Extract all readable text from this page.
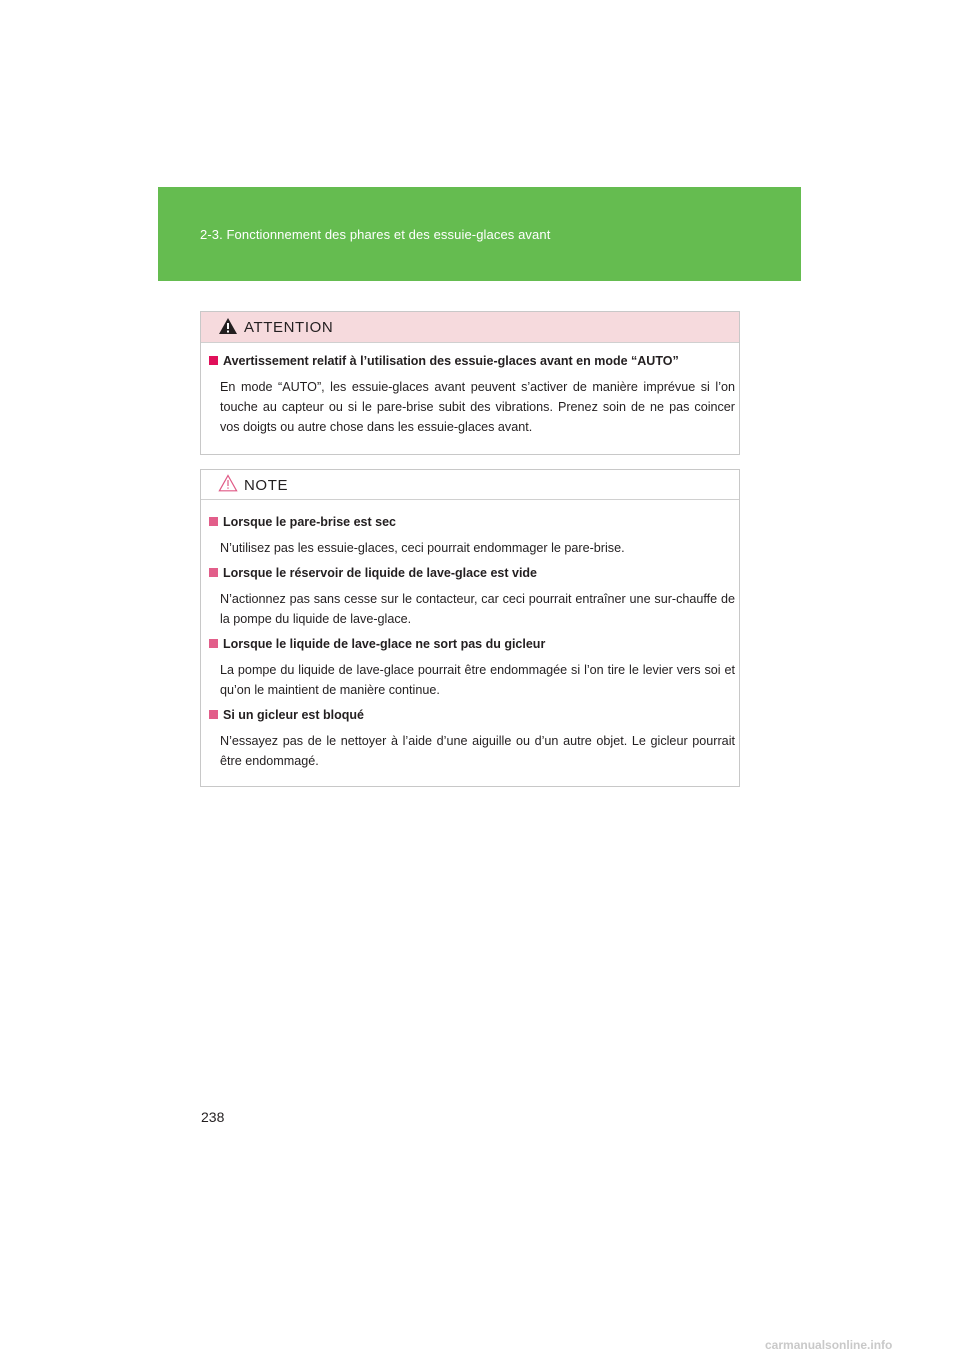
2-3. Fonctionnement des phares et des essuie-glaces avant
ATTENTION
Avertissement relatif à l’utilisation des essuie-glaces avant en mode “AUTO”
En mode “AUTO”, les essuie-glaces avant peuvent s’activer de manière imprévue si l’on touche au capteur ou si le pare-brise subit des vibrations. Prenez soin de ne pas coincer vos doigts ou autre chose dans les essuie-glaces avant.
NOTE
Lorsque le pare-brise est sec
N’utilisez pas les essuie-glaces, ceci pourrait endommager le pare-brise.
Lorsque le réservoir de liquide de lave-glace est vide
N’actionnez pas sans cesse sur le contacteur, car ceci pourrait entraîner une sur-chauffe de la pompe du liquide de lave-glace.
Lorsque le liquide de lave-glace ne sort pas du gicleur
La pompe du liquide de lave-glace pourrait être endommagée si l’on tire le levier vers soi et qu’on le maintient de manière continue.
Si un gicleur est bloqué
N’essayez pas de le nettoyer à l’aide d’une aiguille ou d’un autre objet. Le gicleur pourrait être endommagé.
238
carmanualsonline.info
